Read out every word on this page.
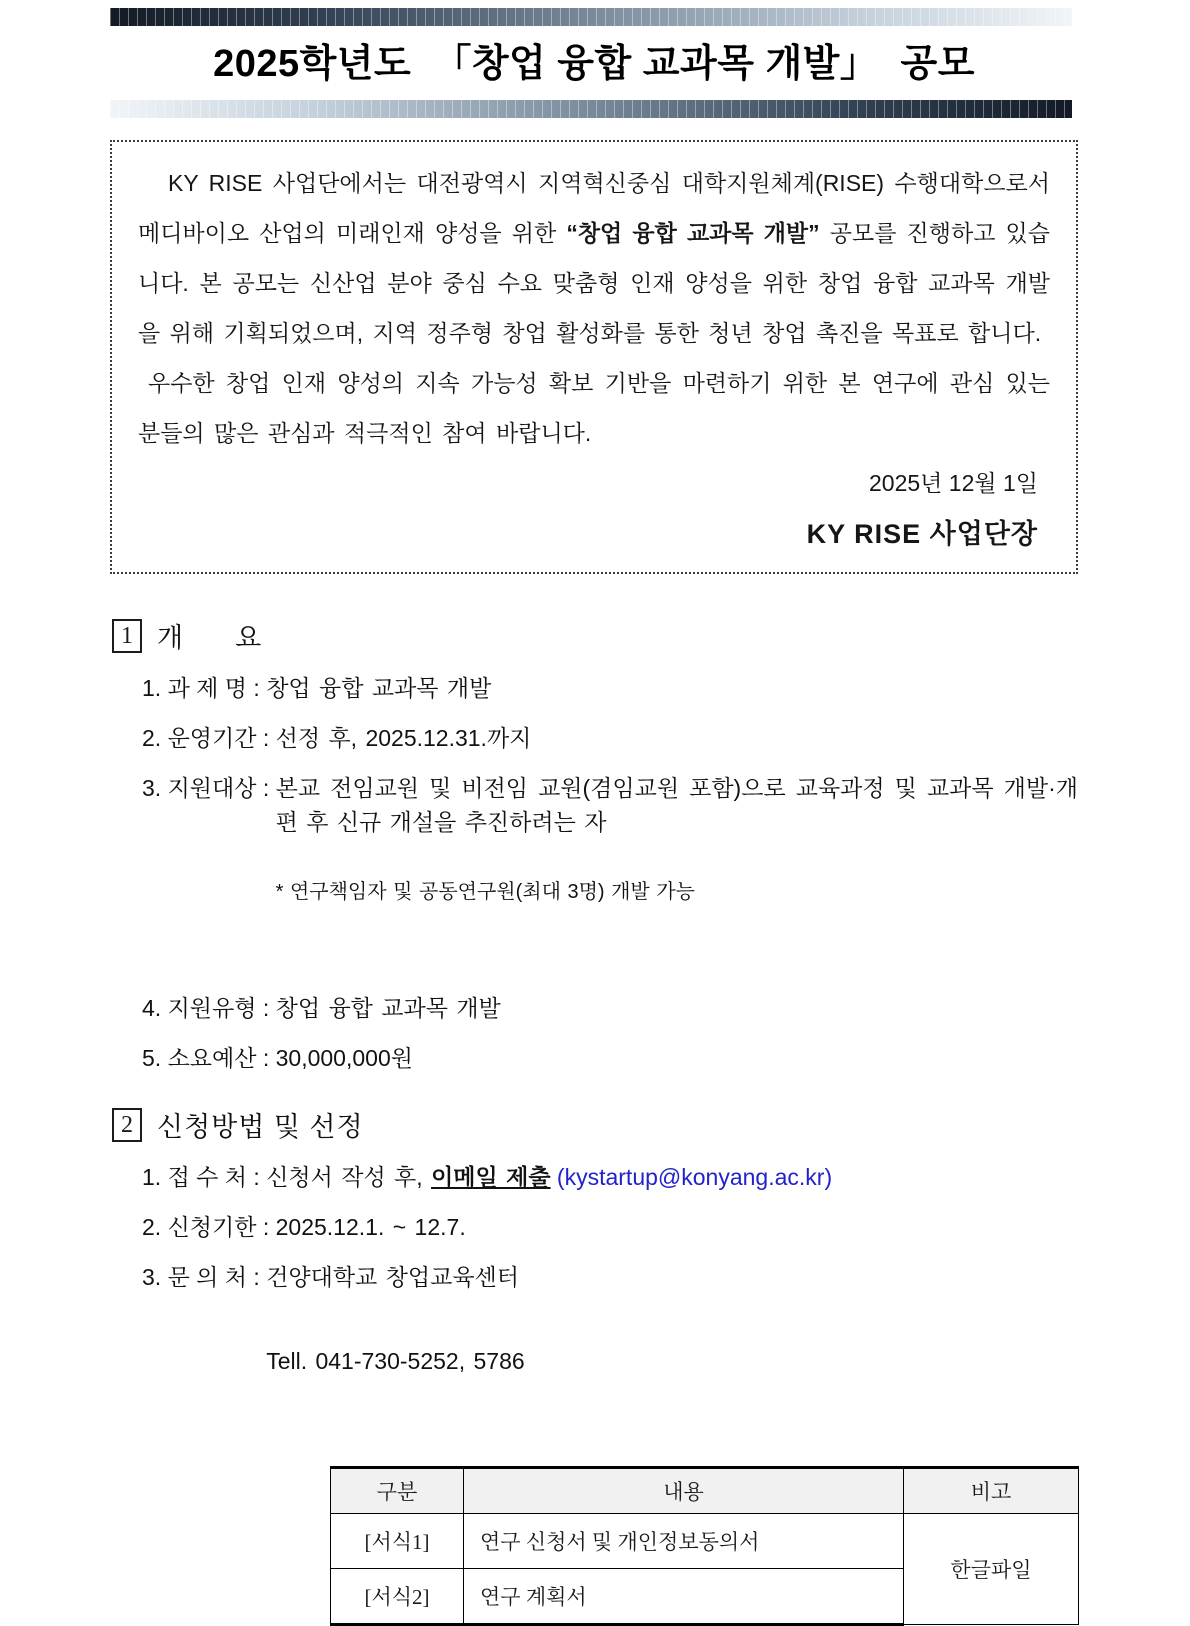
2025학년도  「창업 융합 교과목 개발」  공모

KY RISE 사업단에서는 대전광역시 지역혁신중심 대학지원체계(RISE) 수행대학으로서 메디바이오 산업의 미래인재 양성을 위한 “창업 융합 교과목 개발” 공모를 진행하고 있습니다. 본 공모는 신산업 분야 중심 수요 맞춤형 인재 양성을 위한 창업 융합 교과목 개발을 위해 기획되었으며, 지역 정주형 창업 활성화를 통한 청년 창업 촉진을 목표로 합니다.

우수한 창업 인재 양성의 지속 가능성 확보 기반을 마련하기 위한 본 연구에 관심 있는 분들의 많은 관심과 적극적인 참여 바랍니다.

2025년 12월 1일
KY RISE 사업단장
1 개      요
1. 과 제 명 : 창업 융합 교과목 개발
2. 운영기간 : 선정 후, 2025.12.31.까지
3. 지원대상 : 본교 전임교원 및 비전임 교원(겸임교원 포함)으로 교육과정 및 교과목 개발·개편 후 신규 개설을 추진하려는 자

* 연구책임자 및 공동연구원(최대 3명) 개발 가능

4. 지원유형 : 창업 융합 교과목 개발
5. 소요예산 : 30,000,000원
2 신청방법 및 선정
1. 접 수 처 : 신청서 작성 후, 이메일 제출 (kystartup@konyang.ac.kr)
2. 신청기한 : 2025.12.1. ~ 12.7.
3. 문 의 처 : 건양대학교 창업교육센터

Tell. 041-730-5252, 5786

구분	내용	비고
[서식1]	연구 신청서 및 개인정보동의서	한글파일
[서식2]	연구 계획서	
